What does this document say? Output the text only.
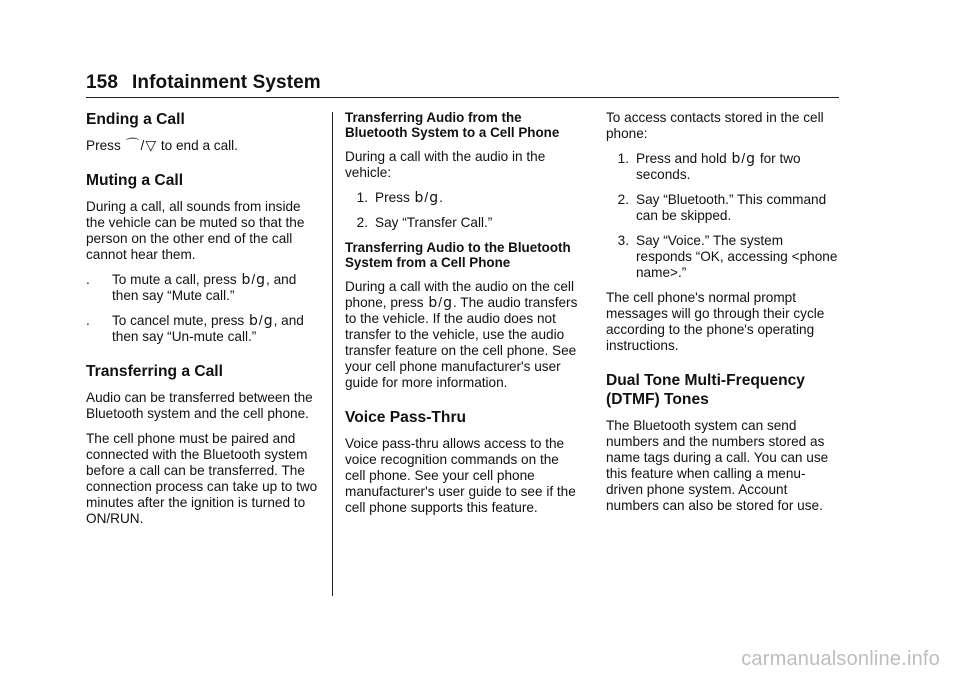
158 Infotainment System
Ending a Call

Press ⌒/▽ to end a call.

Muting a Call

During a call, all sounds from inside the vehicle can be muted so that the person on the other end of the call cannot hear them.

.	To mute a call, press b/g, and then say “Mute call.”
.	To cancel mute, press b/g, and then say “Un-mute call.”
Transferring a Call

Audio can be transferred between the Bluetooth system and the cell phone.

The cell phone must be paired and connected with the Bluetooth system before a call can be transferred. The connection process can take up to two minutes after the ignition is turned to ON/RUN.

Transferring Audio from the Bluetooth System to a Cell Phone

During a call with the audio in the vehicle:

1. Press b/g.
2. Say “Transfer Call.”
Transferring Audio to the Bluetooth System from a Cell Phone

During a call with the audio on the cell phone, press b/g. The audio transfers to the vehicle. If the audio does not transfer to the vehicle, use the audio transfer feature on the cell phone. See your cell phone manufacturer's user guide for more information.

Voice Pass-Thru

Voice pass-thru allows access to the voice recognition commands on the cell phone. See your cell phone manufacturer's user guide to see if the cell phone supports this feature.

To access contacts stored in the cell phone:

1. Press and hold b/g for two seconds.
2. Say “Bluetooth.” This command can be skipped.
3. Say “Voice.” The system responds “OK, accessing <phone name>.”

The cell phone's normal prompt messages will go through their cycle according to the phone's operating instructions.

Dual Tone Multi-Frequency (DTMF) Tones

The Bluetooth system can send numbers and the numbers stored as name tags during a call. You can use this feature when calling a menu-driven phone system. Account numbers can also be stored for use.

carmanualsonline.info
